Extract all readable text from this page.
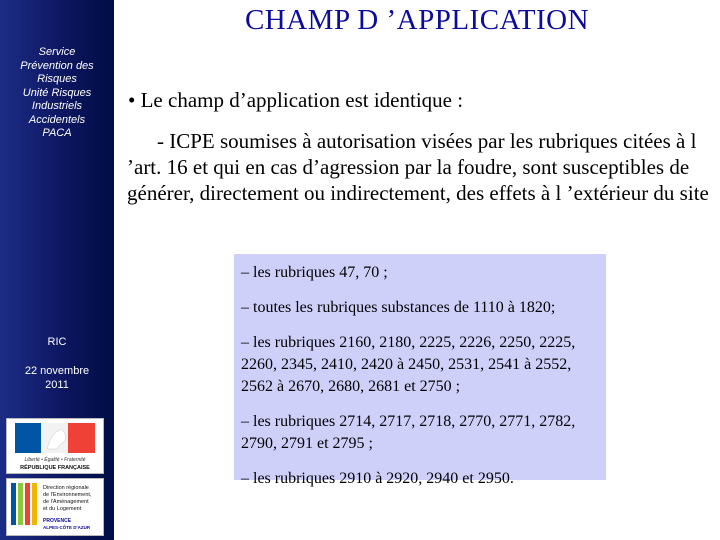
Service
Prévention des
Risques
Unité Risques
Industriels
Accidentels
PACA
RIC
22 novembre
2011
Liberté • Égalité • Fraternité
RÉPUBLIQUE FRANÇAISE
Direction régionale
de l'Environnement,
de l'Aménagement
et du Logement
PROVENCE
ALPES-CÔTE D'AZUR
CHAMP D ’APPLICATION
• Le champ d’application est identique :

- ICPE soumises à autorisation visées par les rubriques citées à l ’art. 16 et qui en cas d’agression par la foudre, sont susceptibles de générer, directement ou indirectement, des effets à l ’extérieur du site

– les rubriques 47, 70 ;

– toutes les rubriques substances de 1110 à 1820;

– les rubriques 2160, 2180, 2225, 2226, 2250, 2225, 2260, 2345, 2410, 2420 à 2450, 2531, 2541 à 2552, 2562 à 2670, 2680, 2681 et 2750 ;

– les rubriques 2714, 2717, 2718, 2770, 2771, 2782, 2790, 2791 et 2795 ;

– les rubriques 2910 à 2920, 2940 et 2950.
